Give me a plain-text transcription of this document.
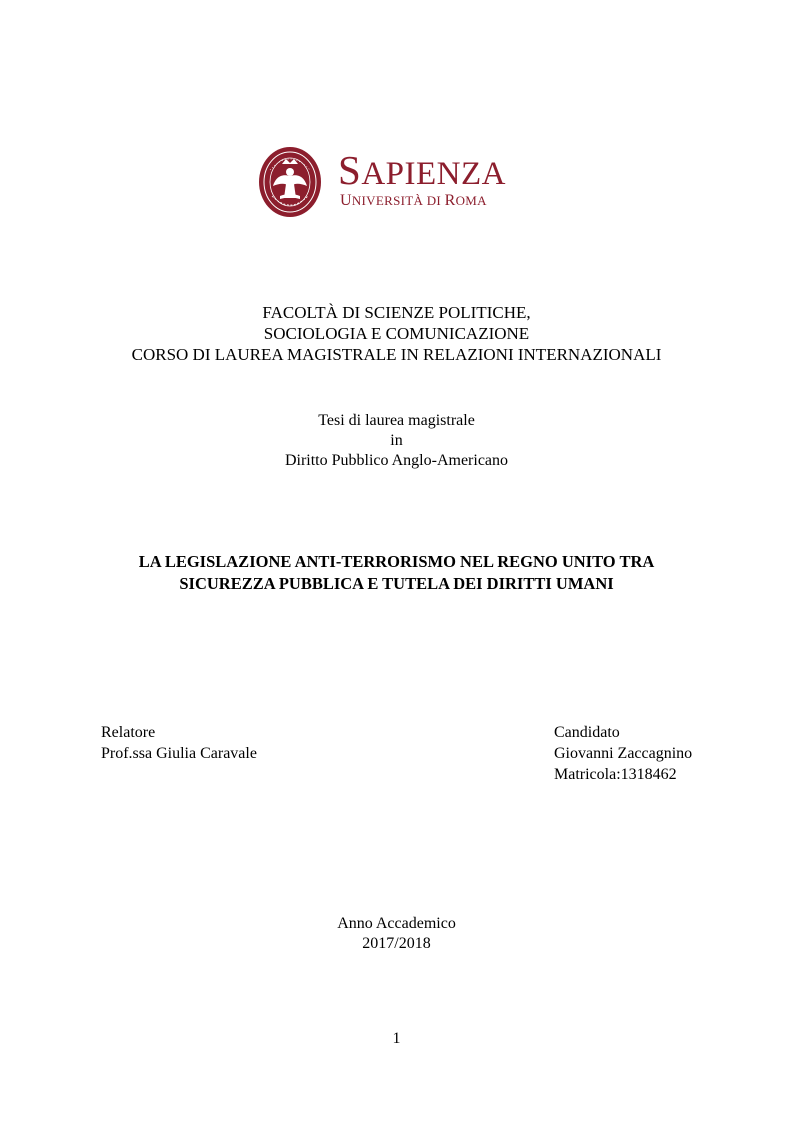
SAPIENZA
UNIVERSITÀ DI ROMA
FACOLTÀ DI SCIENZE POLITICHE,
SOCIOLOGIA E COMUNICAZIONE
CORSO DI LAUREA MAGISTRALE IN RELAZIONI INTERNAZIONALI
Tesi di laurea magistrale
in
Diritto Pubblico Anglo-Americano
LA LEGISLAZIONE ANTI-TERRORISMO NEL REGNO UNITO TRA
SICUREZZA PUBBLICA E TUTELA DEI DIRITTI UMANI
Relatore
Prof.ssa Giulia Caravale
Candidato
Giovanni Zaccagnino
Matricola:1318462
Anno Accademico
2017/2018
1
